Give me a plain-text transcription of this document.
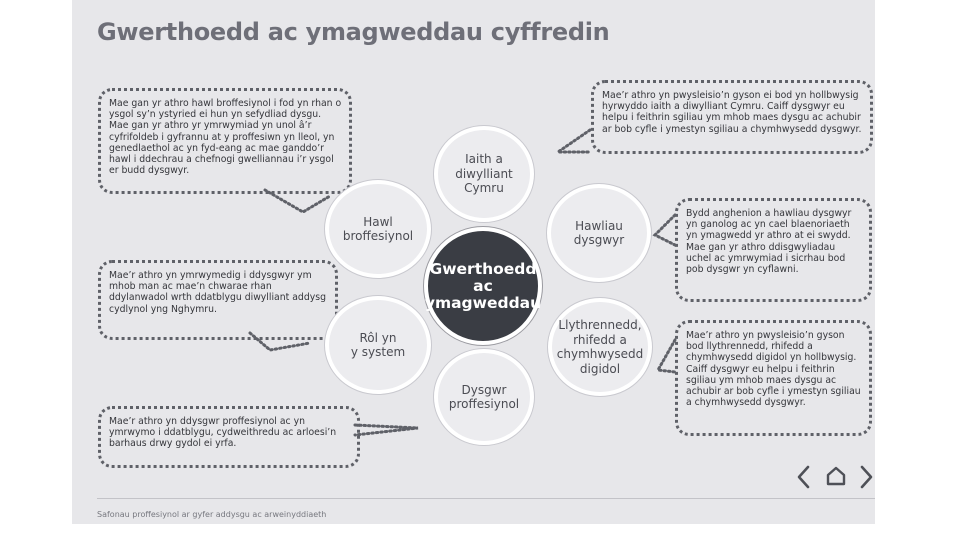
Gwerthoedd ac ymagweddau cyffredin
Mae gan yr athro hawl broffesiynol i fod yn rhan o ysgol sy’n ystyried ei hun yn sefydliad dysgu. Mae gan yr athro yr ymrwymiad yn unol â’r cyfrifoldeb i gyfrannu at y proffesiwn yn lleol, yn genedlaethol ac yn fyd-eang ac mae ganddo’r hawl i ddechrau a chefnogi gwelliannau i’r ysgol er budd dysgwyr.
Mae’r athro yn pwysleisio’n gyson ei bod yn hollbwysig hyrwyddo iaith a diwylliant Cymru. Caiff dysgwyr eu helpu i feithrin sgiliau ym mhob maes dysgu ac achubir ar bob cyfle i ymestyn sgiliau a chymhwysedd dysgwyr.
Mae’r athro yn ymrwymedig i ddysgwyr ym mhob man ac mae’n chwarae rhan ddylanwadol wrth ddatblygu diwylliant addysg cydlynol yng Nghymru.
Bydd anghenion a hawliau dysgwyr yn ganolog ac yn cael blaenoriaeth yn ymagwedd yr athro at ei swydd. Mae gan yr athro ddisgwyliadau uchel ac ymrwymiad i sicrhau bod pob dysgwr yn cyflawni.
Mae’r athro yn pwysleisio’n gyson bod llythrennedd, rhifedd a chymhwysedd digidol yn hollbwysig. Caiff dysgwyr eu helpu i feithrin sgiliau ym mhob maes dysgu ac achubir ar bob cyfle i ymestyn sgiliau a chymhwysedd dysgwyr.
Mae’r athro yn ddysgwr proffesiynol ac yn ymrwymo i ddatblygu, cydweithredu ac arloesi’n barhaus drwy gydol ei yrfa.
Iaith a
diwylliant
Cymru
Hawliau
dysgwyr
Llythrennedd,
rhifedd a
chymhwysedd
digidol
Dysgwr
proffesiynol
Rôl yn
y system
Hawl
broffesiynol
Gwerthoedd
ac
ymagweddau
Safonau proffesiynol ar gyfer addysgu ac arweinyddiaeth
